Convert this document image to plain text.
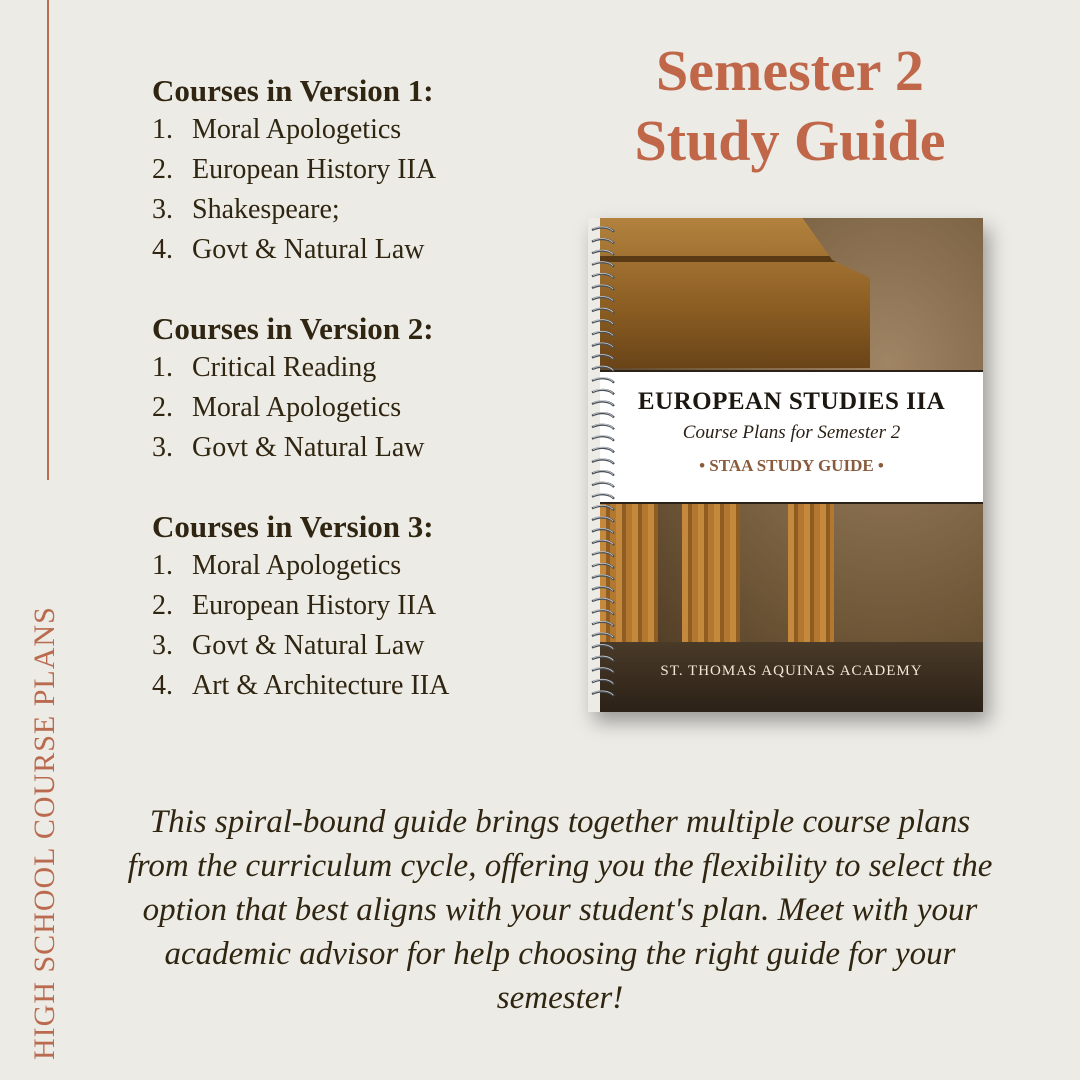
HIGH SCHOOL COURSE PLANS
Courses in Version 1:
1. Moral Apologetics
2. European History IIA
3. Shakespeare;
4. Govt & Natural Law
Courses in Version 2:
1. Critical Reading
2. Moral Apologetics
3. Govt & Natural Law
Courses in Version 3:
1. Moral Apologetics
2. European History IIA
3. Govt & Natural Law
4. Art & Architecture IIA
Semester 2
Study Guide
EUROPEAN STUDIES IIA
Course Plans for Semester 2
• STAA STUDY GUIDE •
ST. THOMAS AQUINAS ACADEMY
This spiral-bound guide brings together multiple course plans from the curriculum cycle, offering you the flexibility to select the option that best aligns with your student's plan. Meet with your academic advisor for help choosing the right guide for your semester!
